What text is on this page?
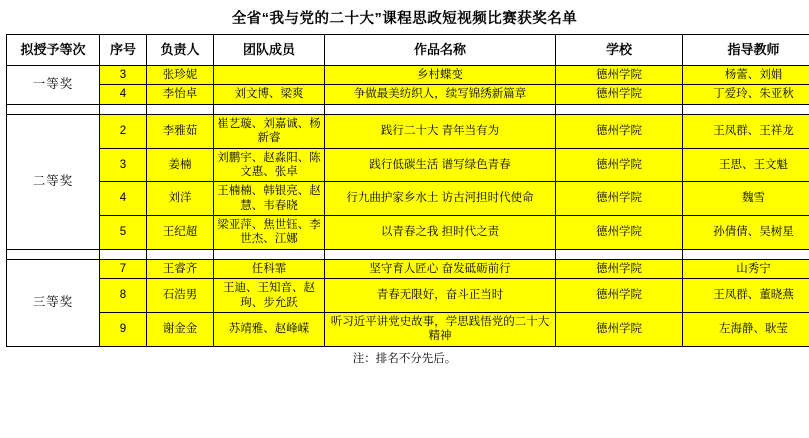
全省“我与党的二十大”课程思政短视频比赛获奖名单
拟授予等次	序号	负责人	团队成员	作品名称	学校	指导教师
一等奖	3	张珍妮		乡村蝶变	德州学院	杨蕾、刘娟
	4	李怡卓	刘文博、梁爽	争做最美纺织人，续写锦绣新篇章	德州学院	丁爱玲、朱亚秋

二等奖	2	李雅茹	崔艺璇、刘嘉诚、杨新睿	践行二十大 青年当有为	德州学院	王凤群、王祥龙
	3	姜楠	刘鹏宇、赵淼阳、陈文惠、张卓	践行低碳生活 谱写绿色青春	德州学院	王思、王文魁
	4	刘洋	王楠楠、韩银亮、赵慧、韦春晓	行九曲护家乡水土 访古河担时代使命	德州学院	魏雪
	5	王纪超	梁亚萍、焦世钰、李世杰、江娜	以青春之我 担时代之责	德州学院	孙倩倩、吴树星

三等奖	7	王睿齐	任科霏	坚守育人匠心 奋发砥砺前行	德州学院	山秀宁
	8	石浩男	王迪、王知音、赵珣、步允跃	青春无限好，奋斗正当时	德州学院	王凤群、董晓燕
	9	谢金金	苏靖雅、赵峰嵘	听习近平讲党史故事，学思践悟党的二十大精神	德州学院	左海静、耿莹
注：排名不分先后。
